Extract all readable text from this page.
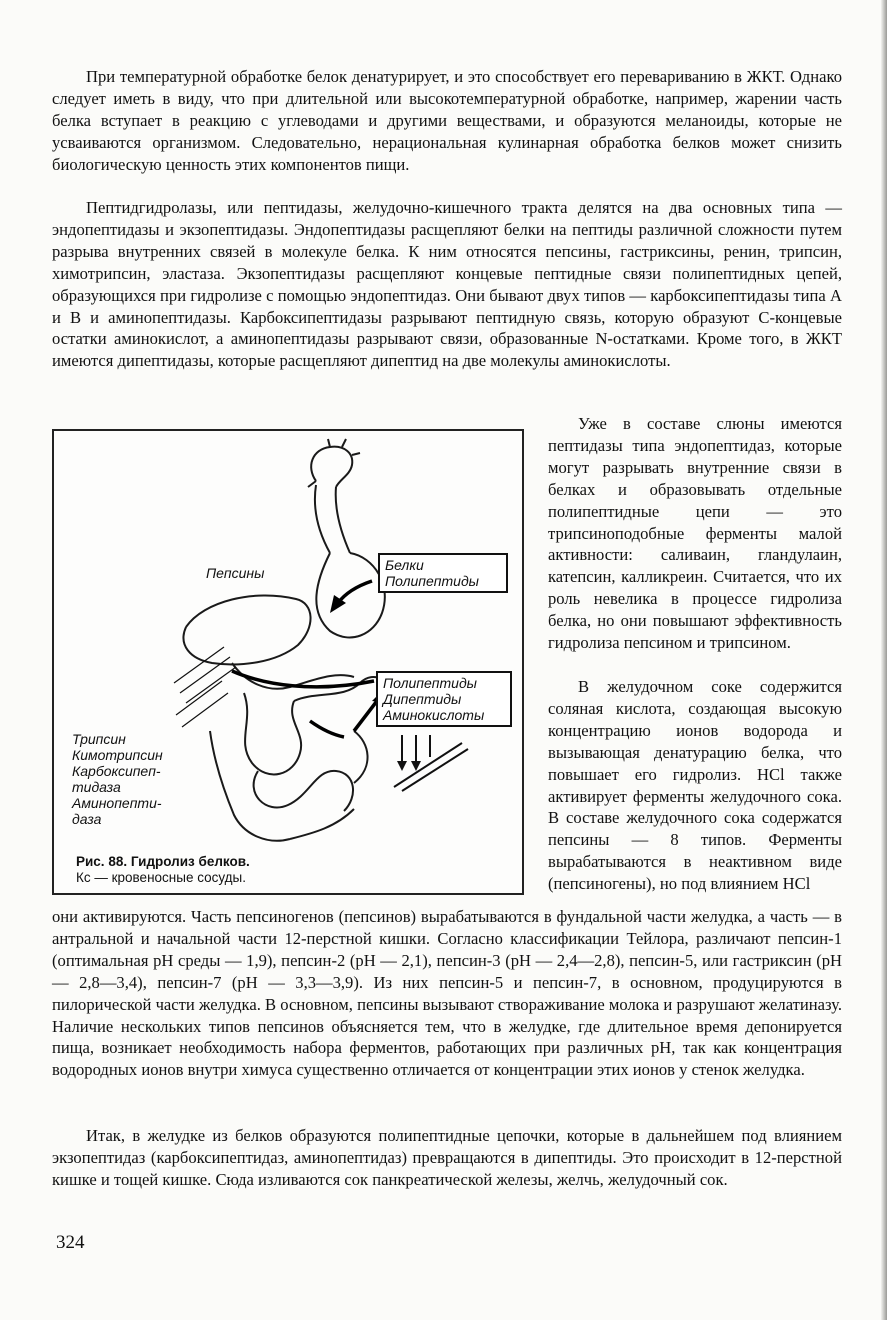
При температурной обработке белок денатурирует, и это способствует его перевариванию в ЖКТ. Однако следует иметь в виду, что при длительной или высокотемпературной обработке, например, жарении часть белка вступает в реакцию с углеводами и другими веществами, и образуются меланоиды, которые не усваиваются организмом. Следовательно, нерациональная кулинарная обработка белков может снизить биологическую ценность этих компонентов пищи.

Пептидгидролазы, или пептидазы, желудочно-кишечного тракта делятся на два основных типа — эндопептидазы и экзопептидазы. Эндопептидазы расщепляют белки на пептиды различной сложности путем разрыва внутренних связей в молекуле белка. К ним относятся пепсины, гастриксины, ренин, трипсин, химотрипсин, эластаза. Экзопептидазы расщепляют концевые пептидные связи полипептидных цепей, образующихся при гидролизе с помощью эндопептидаз. Они бывают двух типов — карбоксипептидазы типа А и В и аминопептидазы. Карбоксипептидазы разрывают пептидную связь, которую образуют С-концевые остатки аминокислот, а аминопептидазы разрывают связи, образованные N-остатками. Кроме того, в ЖКТ имеются дипептидазы, которые расщепляют дипептид на две молекулы аминокислоты.

Пепсины	Белки
Полипептиды
Полипептиды
Дипептиды
Аминокислоты
Трипсин
Кимотрипсин
Карбоксипеп-
тидаза
Аминопепти-
даза
Рис. 88. Гидролиз белков.
Кс — кровеносные сосуды.

Уже в составе слюны имеются пептидазы типа эндопептидаз, которые могут разрывать внутренние связи в белках и образовывать отдельные полипептидные цепи — это трипсиноподобные ферменты малой активности: саливаин, гландулаин, катепсин, калликреин. Считается, что их роль невелика в процессе гидролиза белка, но они повышают эффективность гидролиза пепсином и трипсином.

В желудочном соке содержится соляная кислота, создающая высокую концентрацию ионов водорода и вызывающая денатурацию белка, что повышает его гидролиз. HCl также активирует ферменты желудочного сока. В составе желудочного сока содержатся пепсины — 8 типов. Ферменты вырабатываются в неактивном виде (пепсиногены), но под влиянием HCl

они активируются. Часть пепсиногенов (пепсинов) вырабатываются в фундальной части желудка, а часть — в антральной и начальной части 12-перстной кишки. Согласно классификации Тейлора, различают пепсин-1 (оптимальная pH среды — 1,9), пепсин-2 (pH — 2,1), пепсин-3 (pH — 2,4—2,8), пепсин-5, или гастриксин (pH — 2,8—3,4), пепсин-7 (pH — 3,3—3,9). Из них пепсин-5 и пепсин-7, в основном, продуцируются в пилорической части желудка. В основном, пепсины вызывают створаживание молока и разрушают желатиназу. Наличие нескольких типов пепсинов объясняется тем, что в желудке, где длительное время депонируется пища, возникает необходимость набора ферментов, работающих при различных pH, так как концентрация водородных ионов внутри химуса существенно отличается от концентрации этих ионов у стенок желудка.

Итак, в желудке из белков образуются полипептидные цепочки, которые в дальнейшем под влиянием экзопептидаз (карбоксипептидаз, аминопептидаз) превращаются в дипептиды. Это происходит в 12-перстной кишке и тощей кишке. Сюда изливаются сок панкреатической железы, желчь, желудочный сок.

324
